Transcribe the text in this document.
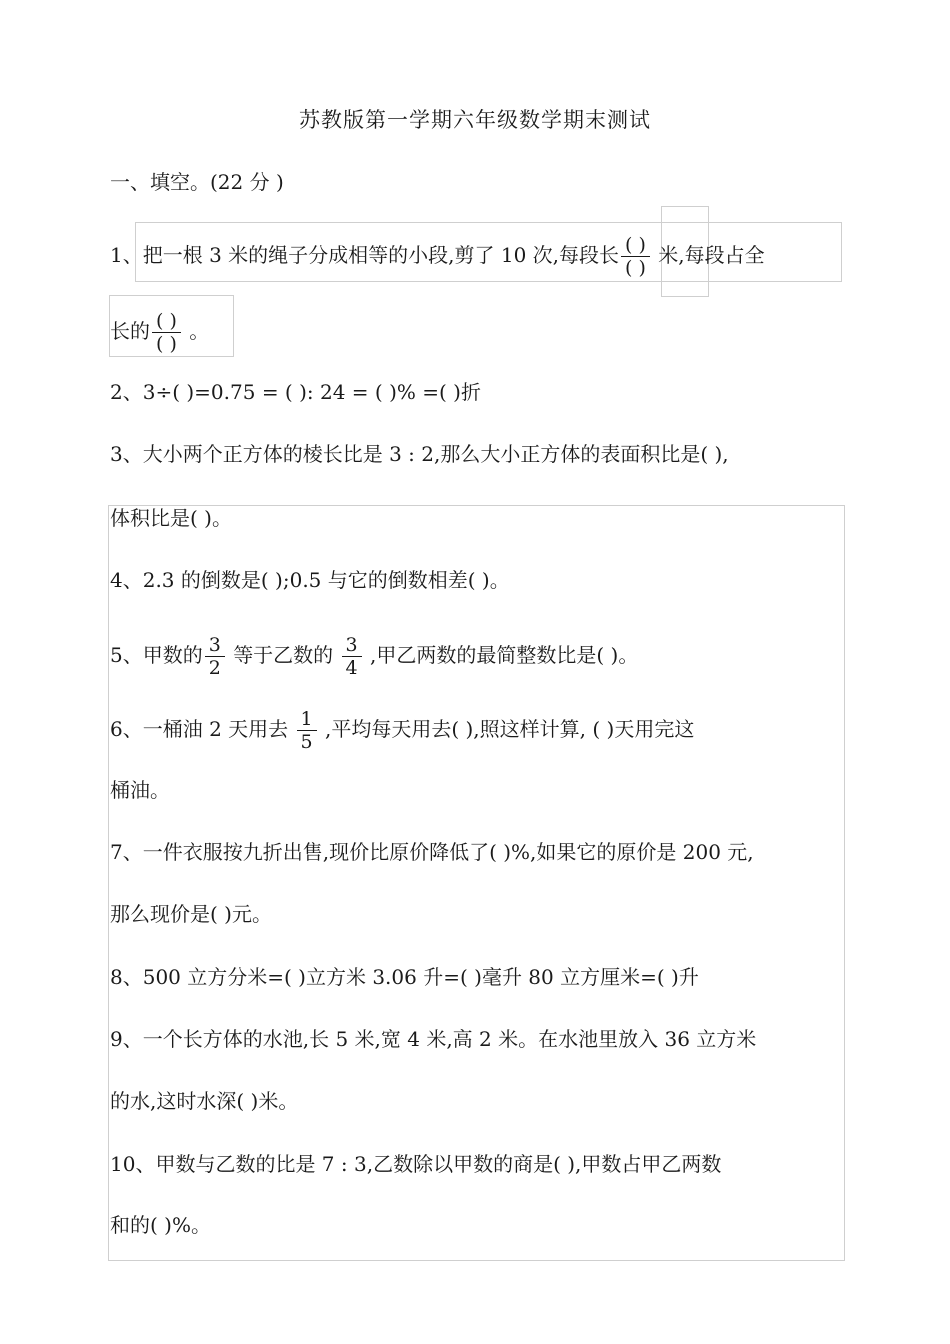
苏教版第一学期六年级数学期末测试
一、填空。(22 分 )
1、把一根 3 米的绳子分成相等的小段,剪了 10 次,每段长 $\frac{( )}{( )}$ 米,每段占全
长的 $\frac{( )}{( )}$ 。
2、3÷( )=0.75 = ( ): 24 = ( )% =( )折
3、大小两个正方体的棱长比是 3 : 2,那么大小正方体的表面积比是( ),
体积比是( )。
4、2.3 的倒数是( );0.5 与它的倒数相差( )。
5、甲数的 $\frac{3}{2}$ 等于乙数的 $\frac{3}{4}$ ,甲乙两数的最简整数比是( )。
6、一桶油 2 天用去 $\frac{1}{5}$ ,平均每天用去( ),照这样计算, ( )天用完这
桶油。
7、一件衣服按九折出售,现价比原价降低了( )%,如果它的原价是 200 元,
那么现价是( )元。
8、500 立方分米=( )立方米 3.06 升=( )毫升 80 立方厘米=( )升
9、一个长方体的水池,长 5 米,宽 4 米,高 2 米。在水池里放入 36 立方米
的水,这时水深( )米。
10、甲数与乙数的比是 7 : 3,乙数除以甲数的商是( ),甲数占甲乙两数
和的( )%。
